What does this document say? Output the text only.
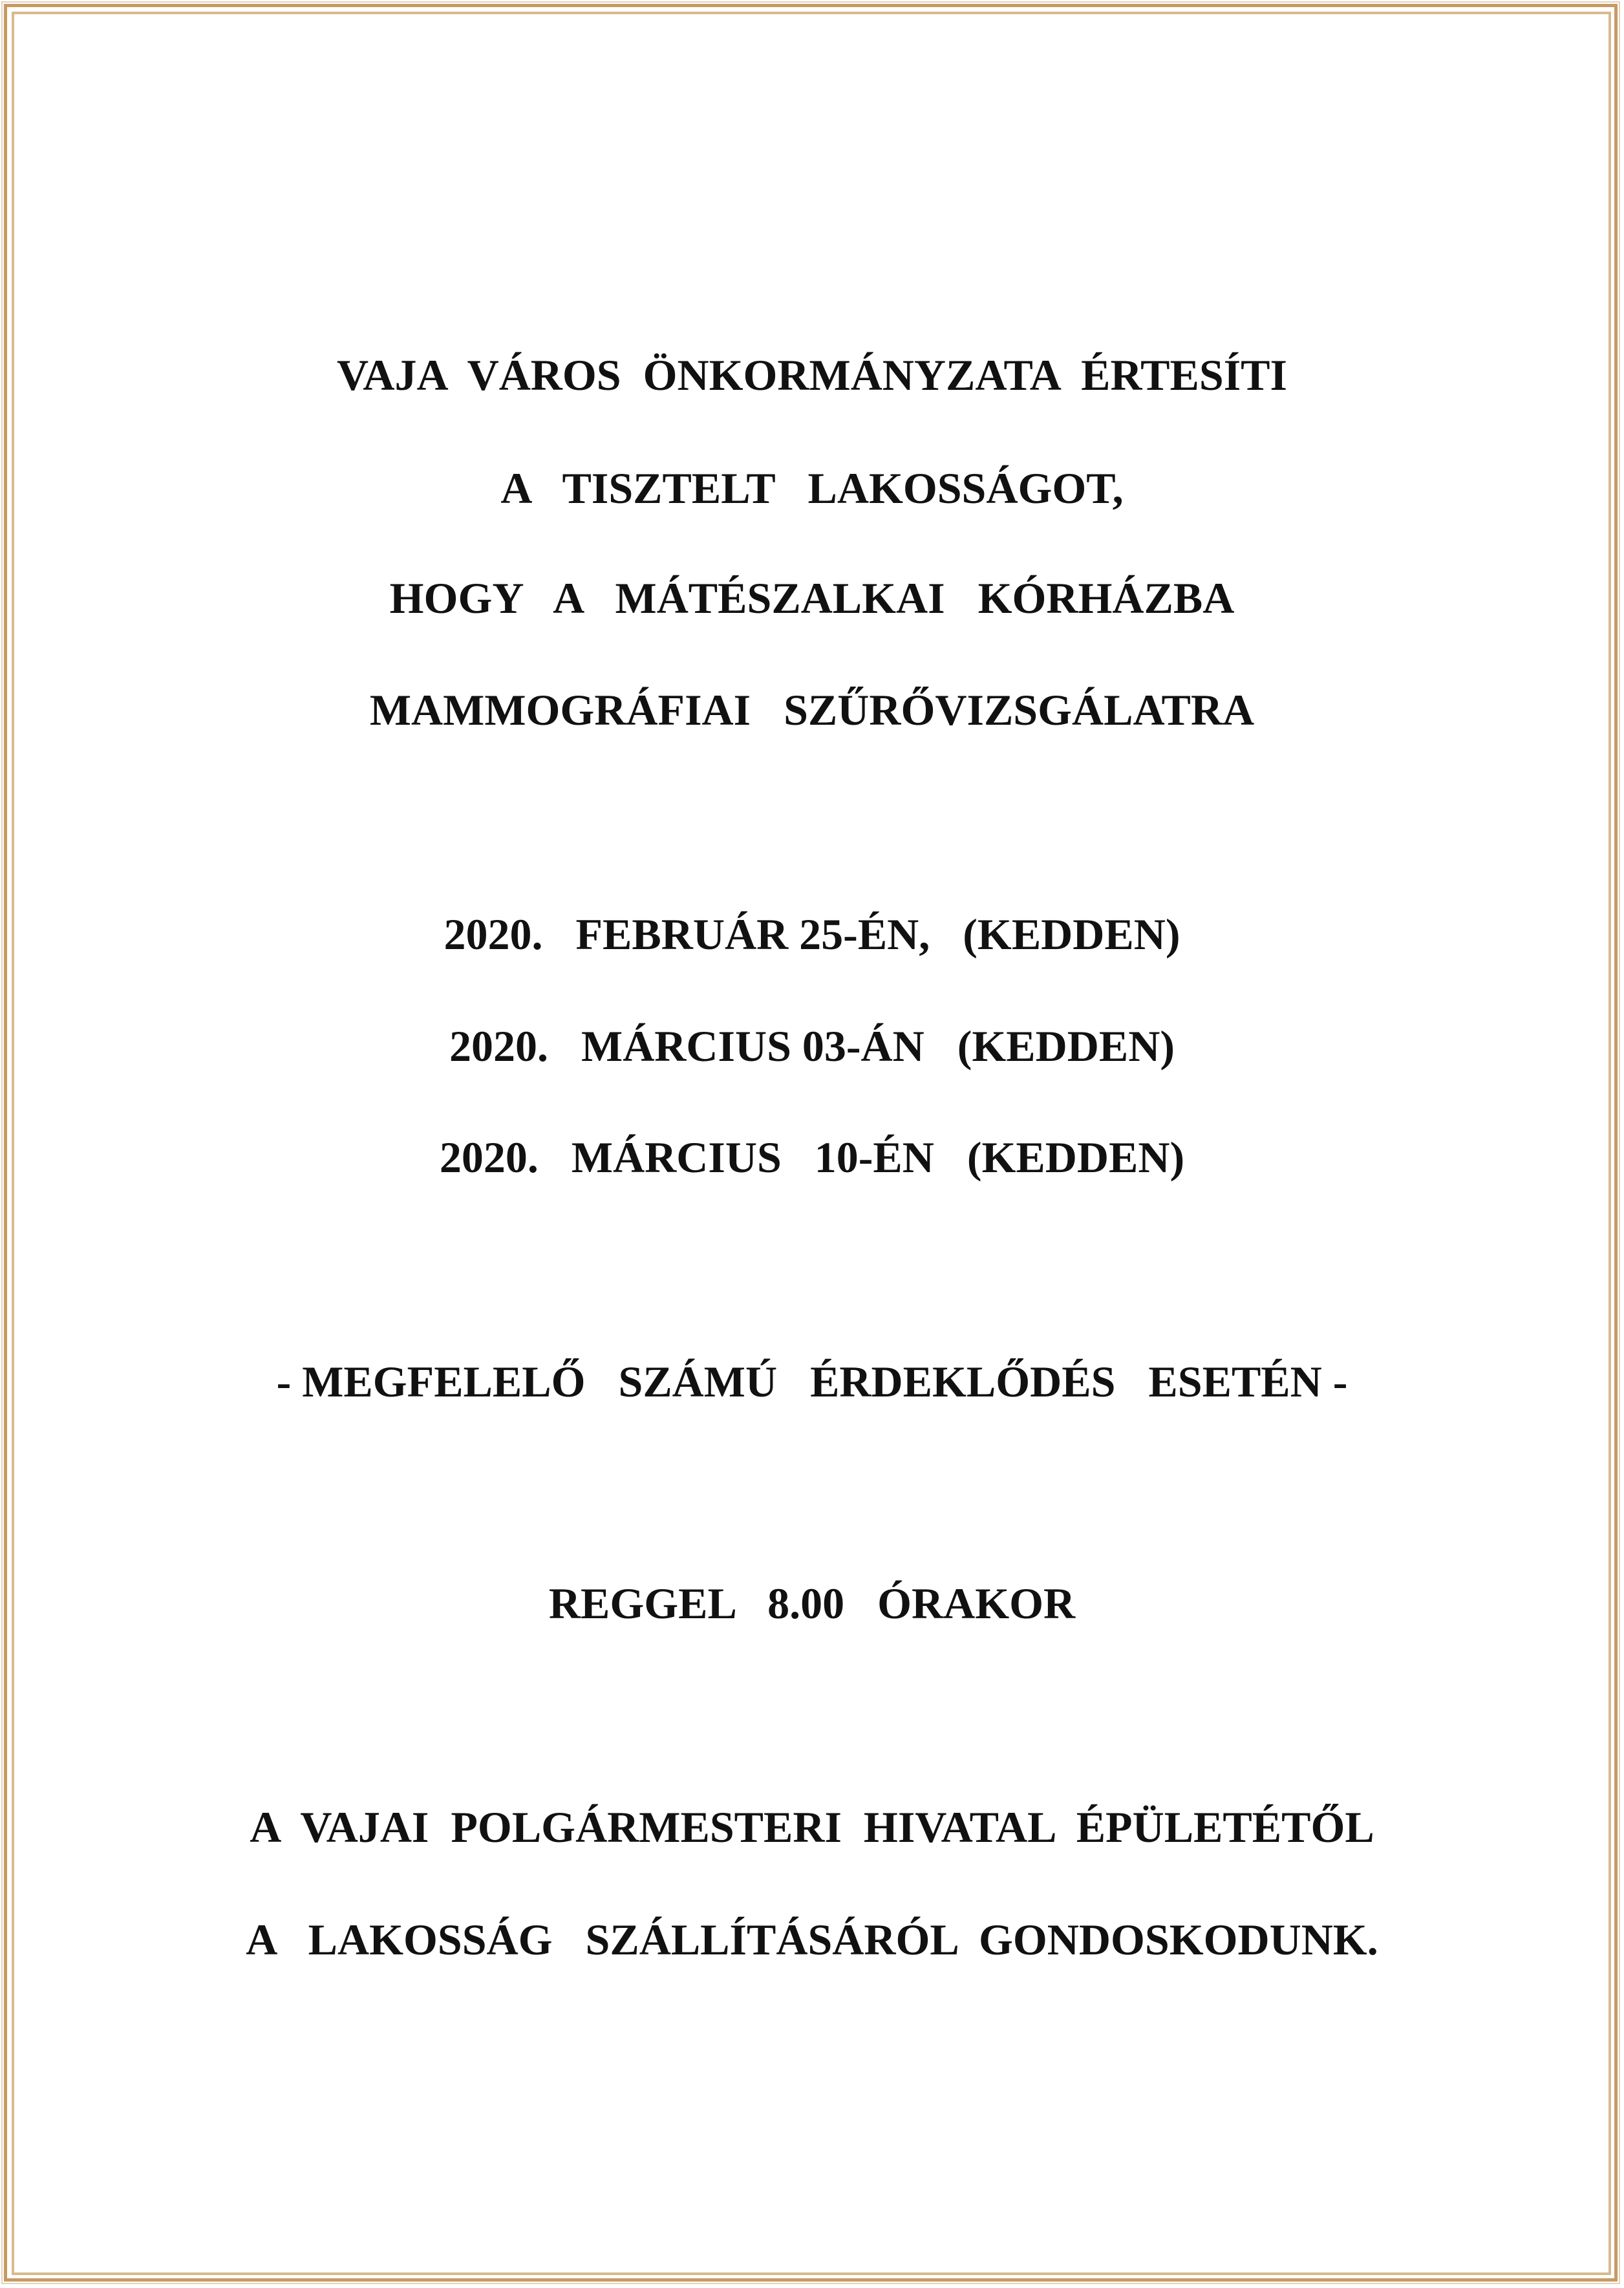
VAJA  VÁROS  ÖNKORMÁNYZATA  ÉRTESÍTI
A   TISZTELT   LAKOSSÁGOT,
HOGY   A   MÁTÉSZALKAI   KÓRHÁZBA
MAMMOGRÁFIAI   SZŰRŐVIZSGÁLATRA
2020.   FEBRUÁR 25-ÉN,   (KEDDEN)
2020.   MÁRCIUS 03-ÁN   (KEDDEN)
2020.   MÁRCIUS   10-ÉN   (KEDDEN)
- MEGFELELŐ   SZÁMÚ   ÉRDEKLŐDÉS   ESETÉN -
REGGEL   8.00   ÓRAKOR
A  VAJAI  POLGÁRMESTERI  HIVATAL  ÉPÜLETÉTŐL
A   LAKOSSÁG   SZÁLLÍTÁSÁRÓL  GONDOSKODUNK.
